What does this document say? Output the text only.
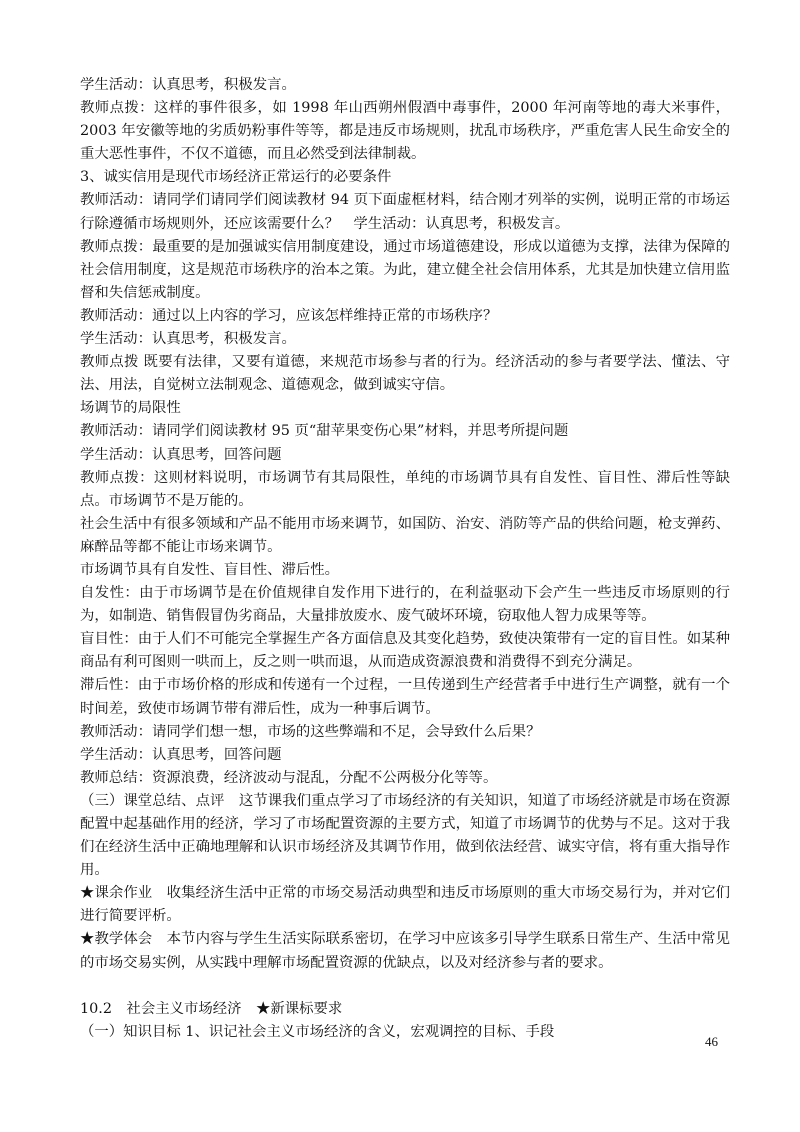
学生活动：认真思考，积极发言。

教师点拨：这样的事件很多，如 1998 年山西朔州假酒中毒事件，2000 年河南等地的毒大米事件，2003 年安徽等地的劣质奶粉事件等等，都是违反市场规则，扰乱市场秩序，严重危害人民生命安全的重大恶性事件，不仅不道德，而且必然受到法律制裁。

3、诚实信用是现代市场经济正常运行的必要条件

教师活动：请同学们请同学们阅读教材 94 页下面虚框材料，结合刚才列举的实例，说明正常的市场运行除遵循市场规则外，还应该需要什么？　学生活动：认真思考，积极发言。

教师点拨：最重要的是加强诚实信用制度建设，通过市场道德建设，形成以道德为支撑，法律为保障的社会信用制度，这是规范市场秩序的治本之策。为此，建立健全社会信用体系，尤其是加快建立信用监督和失信惩戒制度。

教师活动：通过以上内容的学习，应该怎样维持正常的市场秩序？

学生活动：认真思考，积极发言。

教师点拨 既要有法律，又要有道德，来规范市场参与者的行为。经济活动的参与者要学法、懂法、守法、用法，自觉树立法制观念、道德观念，做到诚实守信。

场调节的局限性

教师活动：请同学们阅读教材 95 页“甜苹果变伤心果”材料，并思考所提问题

学生活动：认真思考，回答问题

教师点拨：这则材料说明，市场调节有其局限性，单纯的市场调节具有自发性、盲目性、滞后性等缺点。市场调节不是万能的。

社会生活中有很多领域和产品不能用市场来调节，如国防、治安、消防等产品的供给问题，枪支弹药、麻醉品等都不能让市场来调节。

市场调节具有自发性、盲目性、滞后性。

自发性：由于市场调节是在价值规律自发作用下进行的，在利益驱动下会产生一些违反市场原则的行为，如制造、销售假冒伪劣商品，大量排放废水、废气破坏环境，窃取他人智力成果等等。

盲目性：由于人们不可能完全掌握生产各方面信息及其变化趋势，致使决策带有一定的盲目性。如某种商品有利可图则一哄而上，反之则一哄而退，从而造成资源浪费和消费得不到充分满足。

滞后性：由于市场价格的形成和传递有一个过程，一旦传递到生产经营者手中进行生产调整，就有一个时间差，致使市场调节带有滞后性，成为一种事后调节。

教师活动：请同学们想一想，市场的这些弊端和不足，会导致什么后果？

学生活动：认真思考，回答问题

教师总结：资源浪费，经济波动与混乱，分配不公两极分化等等。

（三）课堂总结、点评　这节课我们重点学习了市场经济的有关知识，知道了市场经济就是市场在资源配置中起基础作用的经济，学习了市场配置资源的主要方式，知道了市场调节的优势与不足。这对于我们在经济生活中正确地理解和认识市场经济及其调节作用，做到依法经营、诚实守信，将有重大指导作用。

★课余作业　收集经济生活中正常的市场交易活动典型和违反市场原则的重大市场交易行为，并对它们进行简要评析。

★教学体会　本节内容与学生生活实际联系密切，在学习中应该多引导学生联系日常生产、生活中常见的市场交易实例，从实践中理解市场配置资源的优缺点，以及对经济参与者的要求。

10.2　社会主义市场经济　★新课标要求

（一）知识目标 1、识记社会主义市场经济的含义，宏观调控的目标、手段

46
